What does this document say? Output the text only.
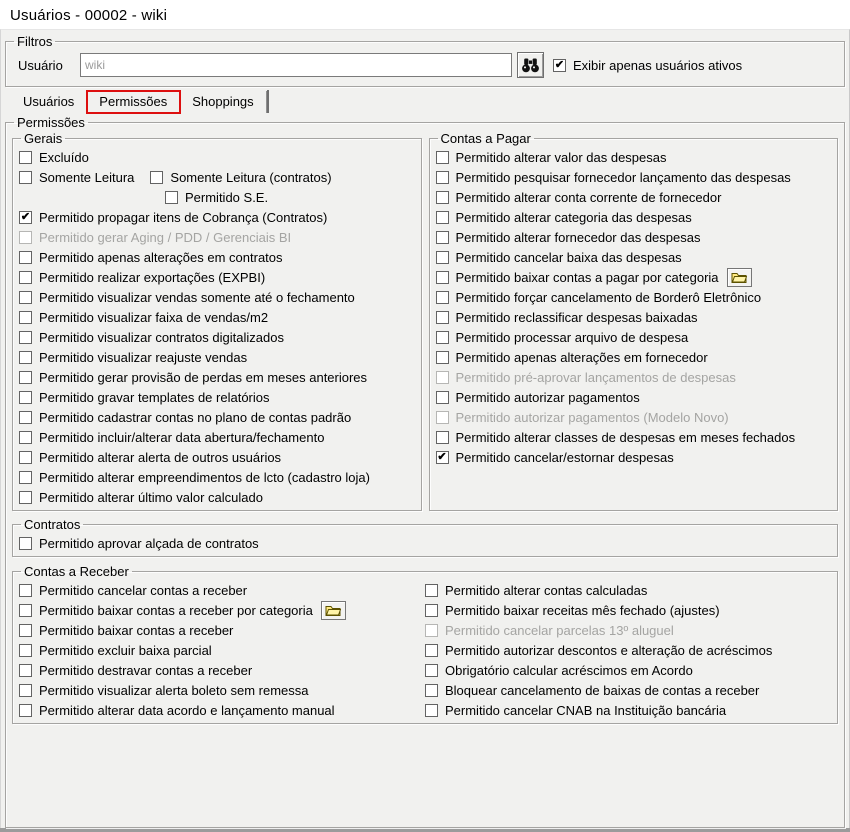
Usuários - 00002 - wiki
Filtros
Usuário
wiki	✔ Exibir apenas usuários ativos
Usuários	Permissões	Shoppings
Permissões
Gerais
Excluído
Somente Leitura	Somente Leitura (contratos)
Permitido S.E.
✔ Permitido propagar itens de Cobrança (Contratos)
Permitido gerar Aging / PDD / Gerenciais BI
Permitido apenas alterações em contratos
Permitido realizar exportações (EXPBI)
Permitido visualizar vendas somente até o fechamento
Permitido visualizar faixa de vendas/m2
Permitido visualizar contratos digitalizados
Permitido visualizar reajuste vendas
Permitido gerar provisão de perdas em meses anteriores
Permitido gravar templates de relatórios
Permitido cadastrar contas no plano de contas padrão
Permitido incluir/alterar data abertura/fechamento
Permitido alterar alerta de outros usuários
Permitido alterar empreendimentos de lcto (cadastro loja)
Permitido alterar último valor calculado
Contas a Pagar
Permitido alterar valor das despesas
Permitido pesquisar fornecedor lançamento das despesas
Permitido alterar conta corrente de fornecedor
Permitido alterar categoria das despesas
Permitido alterar fornecedor das despesas
Permitido cancelar baixa das despesas
Permitido baixar contas a pagar por categoria
Permitido forçar cancelamento de Borderô Eletrônico
Permitido reclassificar despesas baixadas
Permitido processar arquivo de despesa
Permitido apenas alterações em fornecedor
Permitido pré-aprovar lançamentos de despesas
Permitido autorizar pagamentos
Permitido autorizar pagamentos (Modelo Novo)
Permitido alterar classes de despesas em meses fechados
✔ Permitido cancelar/estornar despesas
Contratos
Permitido aprovar alçada de contratos
Contas a Receber
Permitido cancelar contas a receber
Permitido baixar contas a receber por categoria
Permitido baixar contas a receber
Permitido excluir baixa parcial
Permitido destravar contas a receber
Permitido visualizar alerta boleto sem remessa
Permitido alterar data acordo e lançamento manual
Permitido alterar contas calculadas
Permitido baixar receitas mês fechado (ajustes)
Permitido cancelar parcelas 13º aluguel
Permitido autorizar descontos e alteração de acréscimos
Obrigatório calcular acréscimos em Acordo
Bloquear cancelamento de baixas de contas a receber
Permitido cancelar CNAB na Instituição bancária
